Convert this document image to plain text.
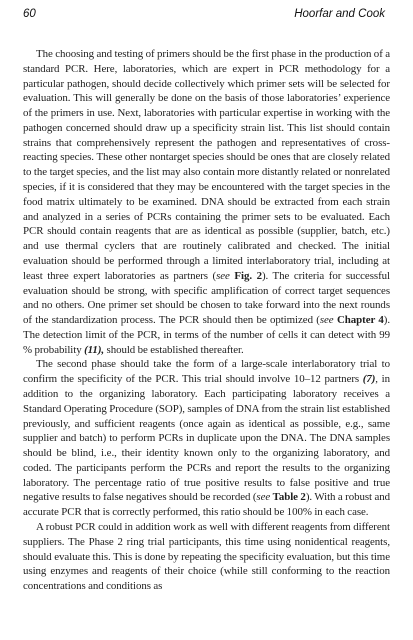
60	Hoorfar and Cook

The choosing and testing of primers should be the first phase in the production of a standard PCR. Here, laboratories, which are expert in PCR methodology for a particular pathogen, should decide collectively which primer sets will be selected for evaluation. This will generally be done on the basis of those laboratories’ experience of the primers in use. Next, laboratories with particular expertise in working with the pathogen concerned should draw up a specificity strain list. This list should contain strains that comprehensively represent the pathogen and representatives of cross-reacting species. These other nontarget species should be ones that are closely related to the target species, and the list may also contain more distantly related or nonrelated species, if it is considered that they may be encountered with the target species in the food matrix ultimately to be examined. DNA should be extracted from each strain and analyzed in a series of PCRs containing the primer sets to be evaluated. Each PCR should contain reagents that are as identical as possible (supplier, batch, etc.) and use thermal cyclers that are routinely calibrated and checked. The initial evaluation should be performed through a limited interlaboratory trial, including at least three expert laboratories as partners (see Fig. 2). The criteria for successful evaluation should be strong, with specific amplification of correct target sequences and no others. One primer set should be chosen to take forward into the next rounds of the standardization process. The PCR should then be optimized (see Chapter 4). The detection limit of the PCR, in terms of the number of cells it can detect with 99 % probability (11), should be established thereafter.

The second phase should take the form of a large-scale interlaboratory trial to confirm the specificity of the PCR. This trial should involve 10–12 partners (7), in addition to the organizing laboratory. Each participating laboratory receives a Standard Operating Procedure (SOP), samples of DNA from the strain list established previously, and sufficient reagents (once again as identical as possible, e.g., same supplier and batch) to perform PCRs in duplicate upon the DNA. The DNA samples should be blind, i.e., their identity known only to the organizing laboratory, and coded. The participants perform the PCRs and report the results to the organizing laboratory. The percentage ratio of true positive results to false positive and true negative results to false negatives should be recorded (see Table 2). With a robust and accurate PCR that is correctly performed, this ratio should be 100% in each case.

A robust PCR could in addition work as well with different reagents from different suppliers. The Phase 2 ring trial participants, this time using nonidentical reagents, should evaluate this. This is done by repeating the specificity evaluation, but this time using enzymes and reagents of their choice (while still conforming to the reaction concentrations and conditions as
